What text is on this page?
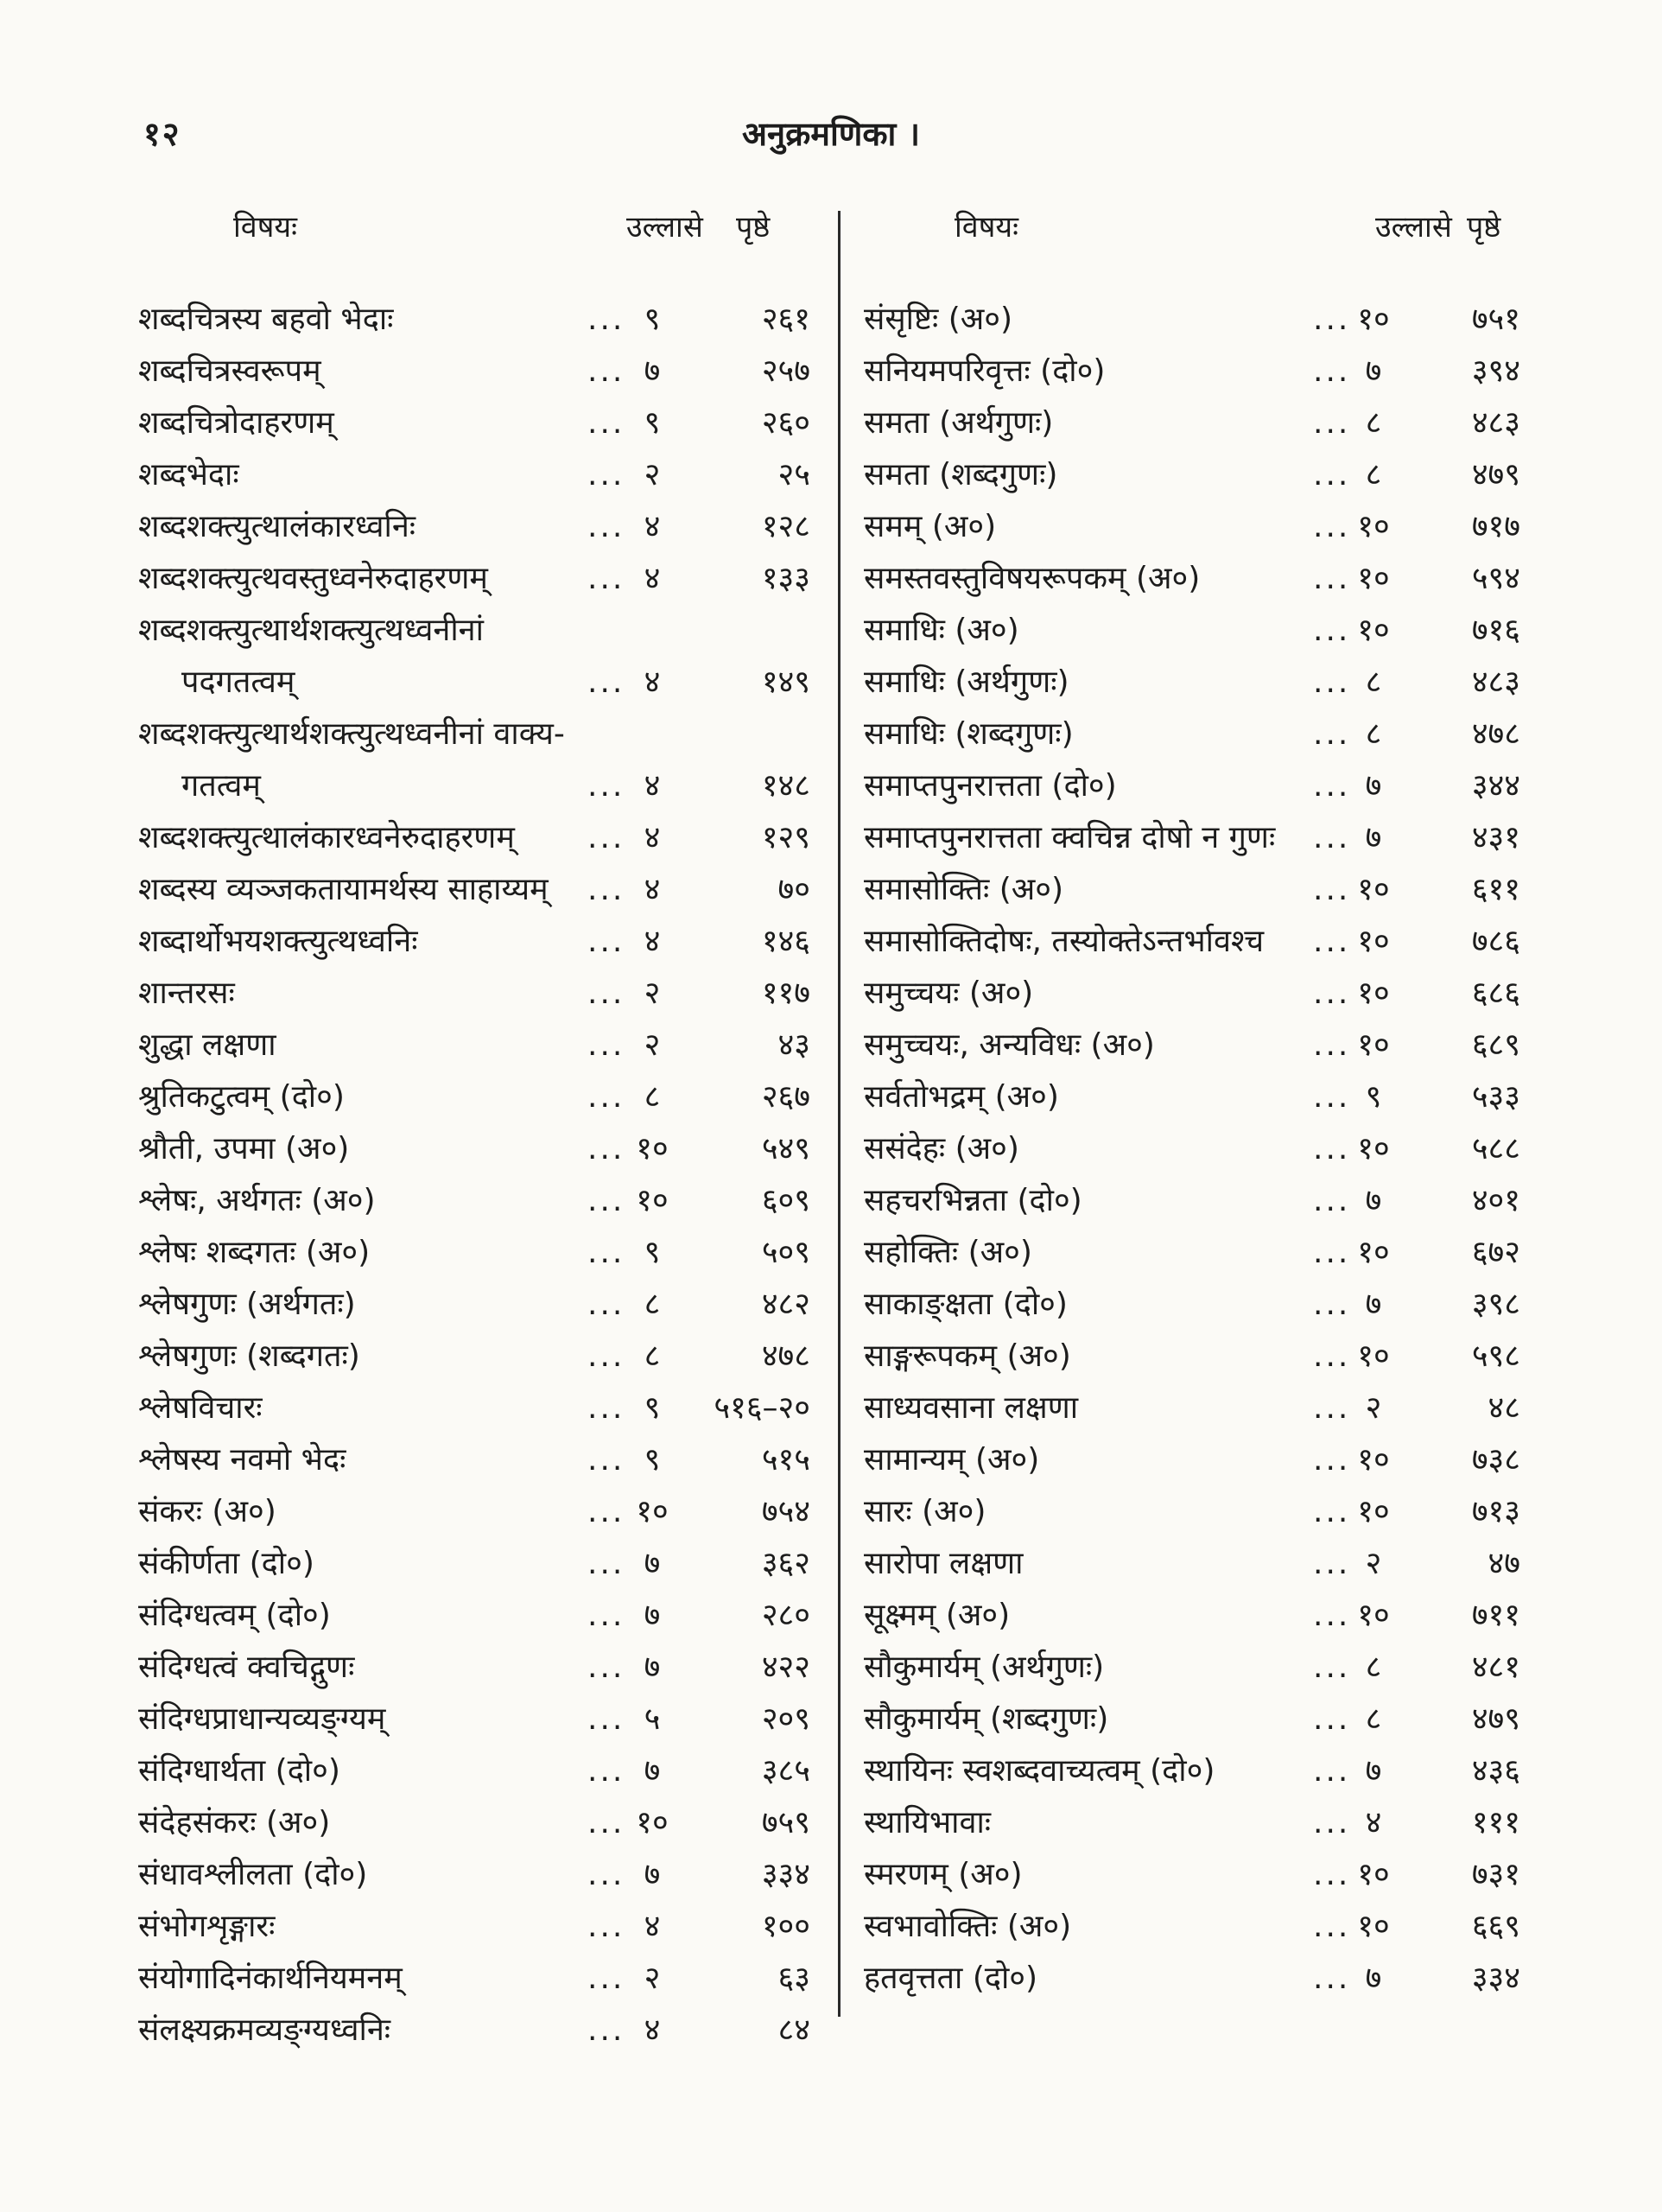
१२	अनुक्रमणिका ।
विषयः	उल्लासे पृष्ठे
शब्दचित्रस्य बहवो भेदाः	... ९	२६१
शब्दचित्रस्वरूपम्	... ७	२५७
शब्दचित्रोदाहरणम्	... ९	२६०
शब्दभेदाः	... २	२५
शब्दशक्त्युत्थालंकारध्वनिः	... ४	१२८
शब्दशक्त्युत्थवस्तुध्वनेरुदाहरणम्	... ४	१३३
शब्दशक्त्युत्थार्थशक्त्युत्थध्वनीनां
पदगतत्वम्	... ४	१४९
शब्दशक्त्युत्थार्थशक्त्युत्थध्वनीनां वाक्य-
गतत्वम्	... ४	१४८
शब्दशक्त्युत्थालंकारध्वनेरुदाहरणम् ... ४	१२९
शब्दस्य व्यञ्जकतायामर्थस्य साहाय्यम् ... ४	७०
शब्दार्थोभयशक्त्युत्थध्वनिः	... ४	१४६
शान्तरसः	... २	११७
शुद्धा लक्षणा	... २	४३
श्रुतिकटुत्वम् (दो०)	... ८	२६७
श्रौती, उपमा (अ०)	... १०	५४९
श्लेषः, अर्थगतः (अ०)	... १०	६०९
श्लेषः शब्दगतः (अ०)	... ९	५०९
श्लेषगुणः (अर्थगतः)	... ८	४८२
श्लेषगुणः (शब्दगतः)	... ८	४७८
श्लेषविचारः	... ९	५१६–२०
श्लेषस्य नवमो भेदः	... ९	५१५
संकरः (अ०)	... १०	७५४
संकीर्णता (दो०)	... ७	३६२
संदिग्धत्वम् (दो०)	... ७	२८०
संदिग्धत्वं क्वचिद्गुणः	... ७	४२२
संदिग्धप्राधान्यव्यङ्ग्यम्	... ५	२०९
संदिग्धार्थता (दो०)	... ७	३८५
संदेहसंकरः (अ०)	... १०	७५९
संधावश्लीलता (दो०)	... ७	३३४
संभोगशृङ्गारः	... ४	१००
संयोगादिनंकार्थनियमनम्	... २	६३
संलक्ष्यक्रमव्यङ्ग्यध्वनिः	... ४	८४
विषयः	उल्लासे पृष्ठे
संसृष्टिः (अ०)	... १०	७५१
सनियमपरिवृत्तः (दो०)	... ७	३९४
समता (अर्थगुणः)	... ८	४८३
समता (शब्दगुणः)	... ८	४७९
समम् (अ०)	... १०	७१७
समस्तवस्तुविषयरूपकम् (अ०)	... १०	५९४
समाधिः (अ०)	... १०	७१६
समाधिः (अर्थगुणः)	... ८	४८३
समाधिः (शब्दगुणः)	... ८	४७८
समाप्तपुनरात्तता (दो०)	... ७	३४४
समाप्तपुनरात्तता क्वचिन्न दोषो न गुणः ... ७	४३१
समासोक्तिः (अ०)	... १०	६११
समासोक्तिदोषः, तस्योक्तेऽन्तर्भावश्च ... १०	७८६
समुच्चयः (अ०)	... १०	६८६
समुच्चयः, अन्यविधः (अ०)	... १०	६८९
सर्वतोभद्रम् (अ०)	... ९	५३३
ससंदेहः (अ०)	... १०	५८८
सहचरभिन्नता (दो०)	... ७	४०१
सहोक्तिः (अ०)	... १०	६७२
साकाङ्क्षता (दो०)	... ७	३९८
साङ्गरूपकम् (अ०)	... १०	५९८
साध्यवसाना लक्षणा	... २	४८
सामान्यम् (अ०)	... १०	७३८
सारः (अ०)	... १०	७१३
सारोपा लक्षणा	... २	४७
सूक्ष्मम् (अ०)	... १०	७११
सौकुमार्यम् (अर्थगुणः)	... ८	४८१
सौकुमार्यम् (शब्दगुणः)	... ८	४७९
स्थायिनः स्वशब्दवाच्यत्वम् (दो०)	... ७	४३६
स्थायिभावाः	... ४	१११
स्मरणम् (अ०)	... १०	७३१
स्वभावोक्तिः (अ०)	... १०	६६९
हतवृत्तता (दो०)	... ७	३३४
